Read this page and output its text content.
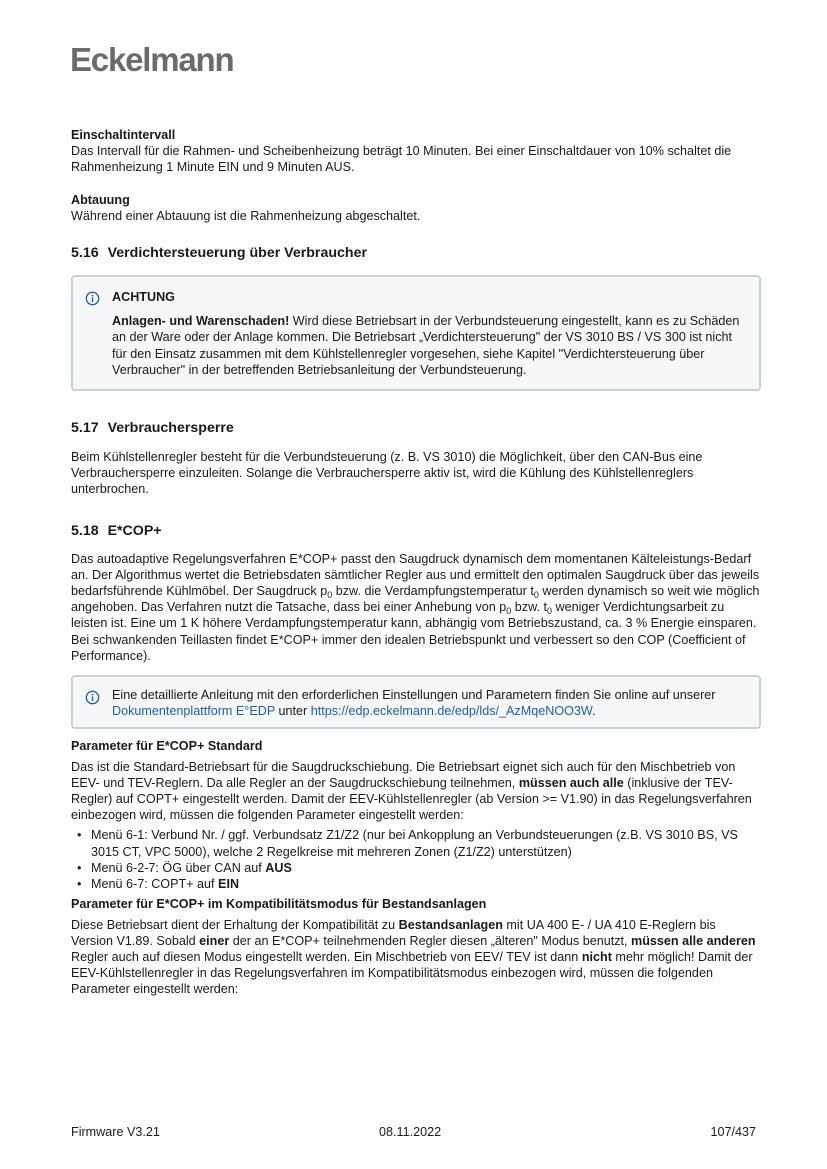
Eckelmann

Einschaltintervall

Das Intervall für die Rahmen- und Scheibenheizung beträgt 10 Minuten. Bei einer Einschaltdauer von 10% schaltet die Rahmenheizung 1 Minute EIN und 9 Minuten AUS.

Abtauung

Während einer Abtauung ist die Rahmenheizung abgeschaltet.

5.16 Verdichtersteuerung über Verbraucher

ACHTUNG

Anlagen- und Warenschaden! Wird diese Betriebsart in der Verbundsteuerung eingestellt, kann es zu Schäden an der Ware oder der Anlage kommen. Die Betriebsart „Verdichtersteuerung" der VS 3010 BS / VS 300 ist nicht für den Einsatz zusammen mit dem Kühlstellenregler vorgesehen, siehe Kapitel "Verdichtersteuerung über Verbraucher" in der betreffenden Betriebsanleitung der Verbundsteuerung.

5.17 Verbrauchersperre

Beim Kühlstellenregler besteht für die Verbundsteuerung (z. B. VS 3010) die Möglichkeit, über den CAN-Bus eine Verbrauchersperre einzuleiten. Solange die Verbrauchersperre aktiv ist, wird die Kühlung des Kühlstellenreglers unterbrochen.

5.18 E*COP+

Das autoadaptive Regelungsverfahren E*COP+ passt den Saugdruck dynamisch dem momentanen Kälteleistungs-Bedarf an. Der Algorithmus wertet die Betriebsdaten sämtlicher Regler aus und ermittelt den optimalen Saugdruck über das jeweils bedarfsführende Kühlmöbel. Der Saugdruck $p_0$ bzw. die Verdampfungstemperatur $t_0$ werden dynamisch so weit wie möglich angehoben. Das Verfahren nutzt die Tatsache, dass bei einer Anhebung von $p_0$ bzw. $t_0$ weniger Verdichtungsarbeit zu leisten ist. Eine um 1 K höhere Verdampfungstemperatur kann, abhängig vom Betriebszustand, ca. 3 % Energie einsparen. Bei schwankenden Teillasten findet E*COP+ immer den idealen Betriebspunkt und verbessert so den COP (Coefficient of Performance).

Eine detaillierte Anleitung mit den erforderlichen Einstellungen und Parametern finden Sie online auf unserer Dokumentenplattform E°EDP unter https://edp.eckelmann.de/edp/lds/_AzMqeNOO3W.

Parameter für E*COP+ Standard

Das ist die Standard-Betriebsart für die Saugdruckschiebung. Die Betriebsart eignet sich auch für den Mischbetrieb von EEV- und TEV-Reglern. Da alle Regler an der Saugdruckschiebung teilnehmen, müssen auch alle (inklusive der TEV-Regler) auf COPT+ eingestellt werden. Damit der EEV-Kühlstellenregler (ab Version >= V1.90) in das Regelungsverfahren einbezogen wird, müssen die folgenden Parameter eingestellt werden:

• Menü 6-1: Verbund Nr. / ggf. Verbundsatz Z1/Z2 (nur bei Ankopplung an Verbundsteuerungen (z.B. VS 3010 BS, VS 3015 CT, VPC 5000), welche 2 Regelkreise mit mehreren Zonen (Z1/Z2) unterstützen)
• Menü 6-2-7: ÖG über CAN auf AUS
• Menü 6-7: COPT+ auf EIN

Parameter für E*COP+ im Kompatibilitätsmodus für Bestandsanlagen

Diese Betriebsart dient der Erhaltung der Kompatibilität zu Bestandsanlagen mit UA 400 E- / UA 410 E-Reglern bis Version V1.89. Sobald einer der an E*COP+ teilnehmenden Regler diesen „älteren" Modus benutzt, müssen alle anderen Regler auch auf diesen Modus eingestellt werden. Ein Mischbetrieb von EEV/ TEV ist dann nicht mehr möglich! Damit der EEV-Kühlstellenregler in das Regelungsverfahren im Kompatibilitätsmodus einbezogen wird, müssen die folgenden Parameter eingestellt werden:

Firmware V3.21	08.11.2022	107/437
